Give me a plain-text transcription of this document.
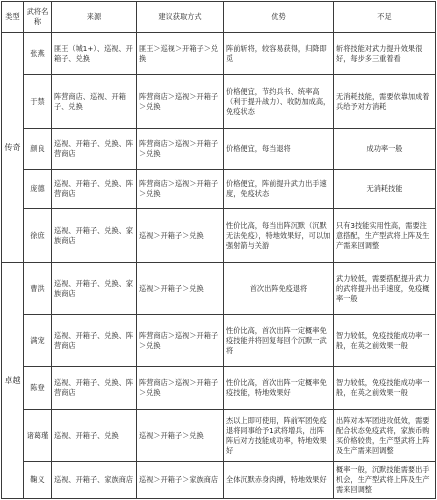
类型	武将名称	来源	建议获取方式	优势	不足
传奇	张燕	匪王（城1+）、巡视、开箱子、兑换	匪王＞巡视＞开箱子＞兑换	阵前斩将，较容易获得，归降即觅	斩将技能对武力提升效果很好，每步多三重着看
	于禁	阵营商店、巡视、开箱子、兑换	阵营商店＞巡视＞开箱子＞兑换	价格便宜，节约兵书、统率高（利于提升战力）、收防加成高，免疫状态	无消耗技能，需要依靠加成着兵给予对方消耗
	颜良	巡视、开箱子、兑换、阵营商店	阵营商店＞巡视＞开箱子＞兑换	价格便宜，每当退将	成功率一般
	庞德	巡视、开箱子、兑换、阵营商店	阵营商店＞巡视＞开箱子＞兑换	价格便宜，阵前提升武力出手速度，免疫状态	无消耗技能
	徐庶	巡视、开箱子、兑换、家族商店	巡视＞开箱子＞兑换	性价比高，每当出阵沉默（沉默无法免疫），特地效果好，可以加强射箭与关游	只有3技能实用性高，需要注意搭配，生产型武将上阵及生产需来回调整
卓越	曹洪	巡视、开箱子、兑换、家族商店	巡视＞开箱子＞兑换	首次出阵免疫退将	武力较低，需要搭配提升武力的武将提升出手速度，免疫概率一般
	满宠	巡视、开箱子、兑换、阵营商店	阵营商店＞巡视＞开箱子＞兑换	性价比高，首次出阵一定概率免疫技能并将回复每回个沉默一武将	智力较低，免疫技能成功率一般，在英之前效果一般
	陈登	巡视、开箱子、兑换、阵营商店	阵营商店＞巡视＞开箱子＞兑换	性价比高，首次出阵一定概率免疫技能，特地效果好	智力较低，免疫技能成功率一般，在英之前效果一般
	诸葛瑾	巡视、开箱子、兑换	巡视＞开箱子＞兑换	杰以上即可使用，阵前军团免疫退将同事给予1武将增兵，出阵阵后对方技能成功率，特地效果好	出阵对本军团进攻低效，需要配合状态免疫武将，家族币购买价格较贵，生产型武将上阵及生产需来回调整
	鞠义	巡视、开箱子、家族商店	巡视＞开箱子＞家族商店	全体沉默赤身肉搏，特地效果好	概率一般，沉默技能需要出手机会，生产型武将上阵及生产需来回调整
